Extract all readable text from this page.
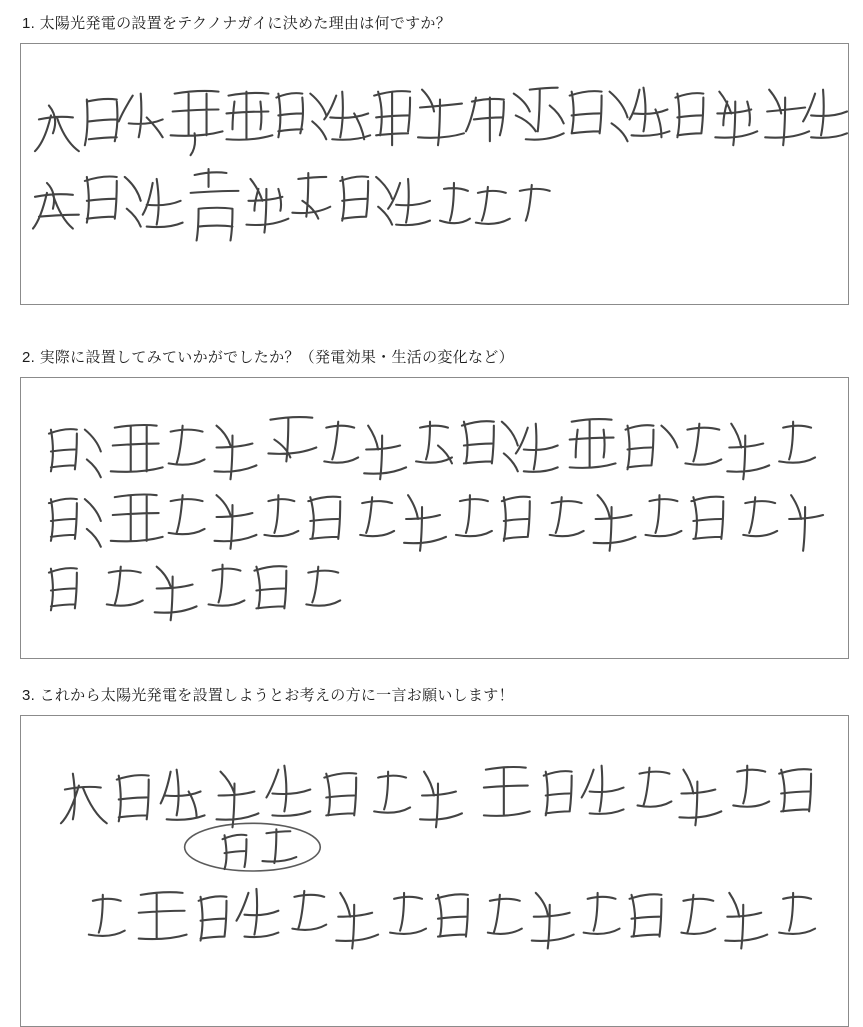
1. 太陽光発電の設置をテクノナガイに決めた理由は何ですか？
2. 実際に設置してみていかがでしたか？（発電効果・生活の変化など）
3. これから太陽光発電を設置しようとお考えの方に一言お願いします！
